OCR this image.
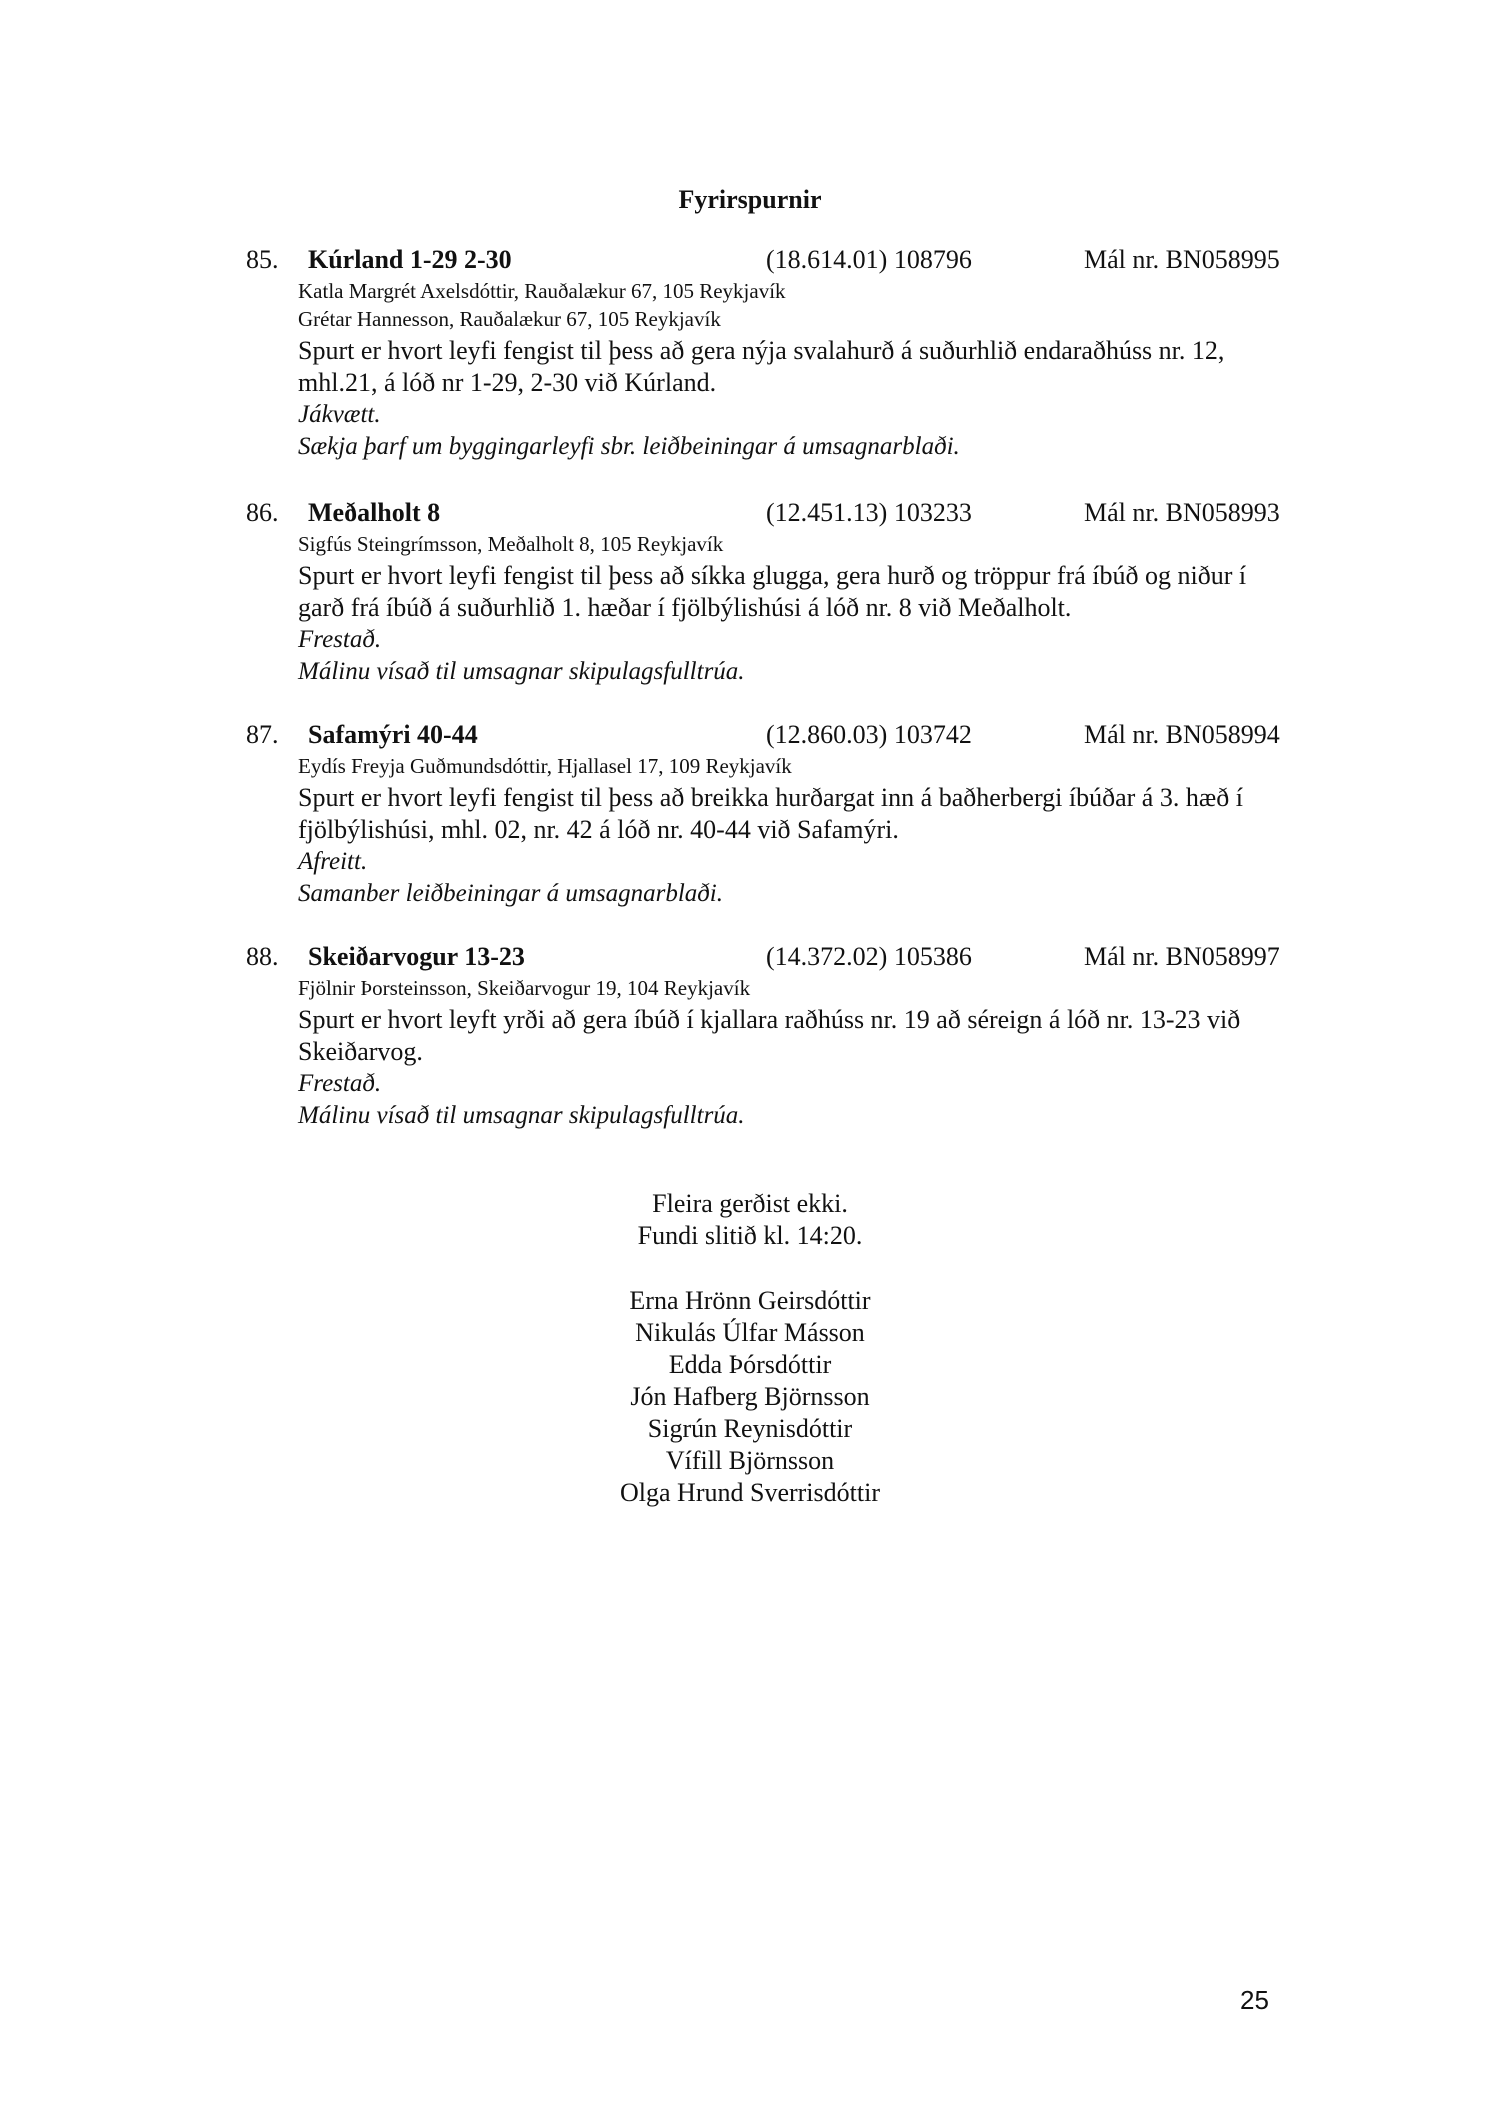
Fyrirspurnir
85. Kúrland 1-29 2-30	(18.614.01) 108796	Mál nr. BN058995
Katla Margrét Axelsdóttir, Rauðalækur 67, 105 Reykjavík
Grétar Hannesson, Rauðalækur 67, 105 Reykjavík
Spurt er hvort leyfi fengist til þess að gera nýja svalahurð á suðurhlið endaraðhúss nr. 12, mhl.21, á lóð nr 1-29, 2-30 við Kúrland.
Jákvætt.
Sækja þarf um byggingarleyfi sbr. leiðbeiningar á umsagnarblaði.
86. Meðalholt 8	(12.451.13) 103233	Mál nr. BN058993
Sigfús Steingrímsson, Meðalholt 8, 105 Reykjavík
Spurt er hvort leyfi fengist til þess að síkka glugga, gera hurð og tröppur frá íbúð og niður í garð frá íbúð á suðurhlið 1. hæðar í fjölbýlishúsi á lóð nr. 8 við Meðalholt.
Frestað.
Málinu vísað til umsagnar skipulagsfulltrúa.
87. Safamýri 40-44	(12.860.03) 103742	Mál nr. BN058994
Eydís Freyja Guðmundsdóttir, Hjallasel 17, 109 Reykjavík
Spurt er hvort leyfi fengist til þess að breikka hurðargat inn á baðherbergi íbúðar á 3. hæð í fjölbýlishúsi, mhl. 02, nr. 42 á lóð nr. 40-44 við Safamýri.
Afreitt.
Samanber leiðbeiningar á umsagnarblaði.
88. Skeiðarvogur 13-23	(14.372.02) 105386	Mál nr. BN058997
Fjölnir Þorsteinsson, Skeiðarvogur 19, 104 Reykjavík
Spurt er hvort leyft yrði að gera íbúð í kjallara raðhúss nr. 19 að séreign á lóð nr. 13-23 við Skeiðarvog.
Frestað.
Málinu vísað til umsagnar skipulagsfulltrúa.
Fleira gerðist ekki.
Fundi slitið kl. 14:20.
Erna Hrönn Geirsdóttir
Nikulás Úlfar Másson
Edda Þórsdóttir
Jón Hafberg Björnsson
Sigrún Reynisdóttir
Vífill Björnsson
Olga Hrund Sverrisdóttir
25
